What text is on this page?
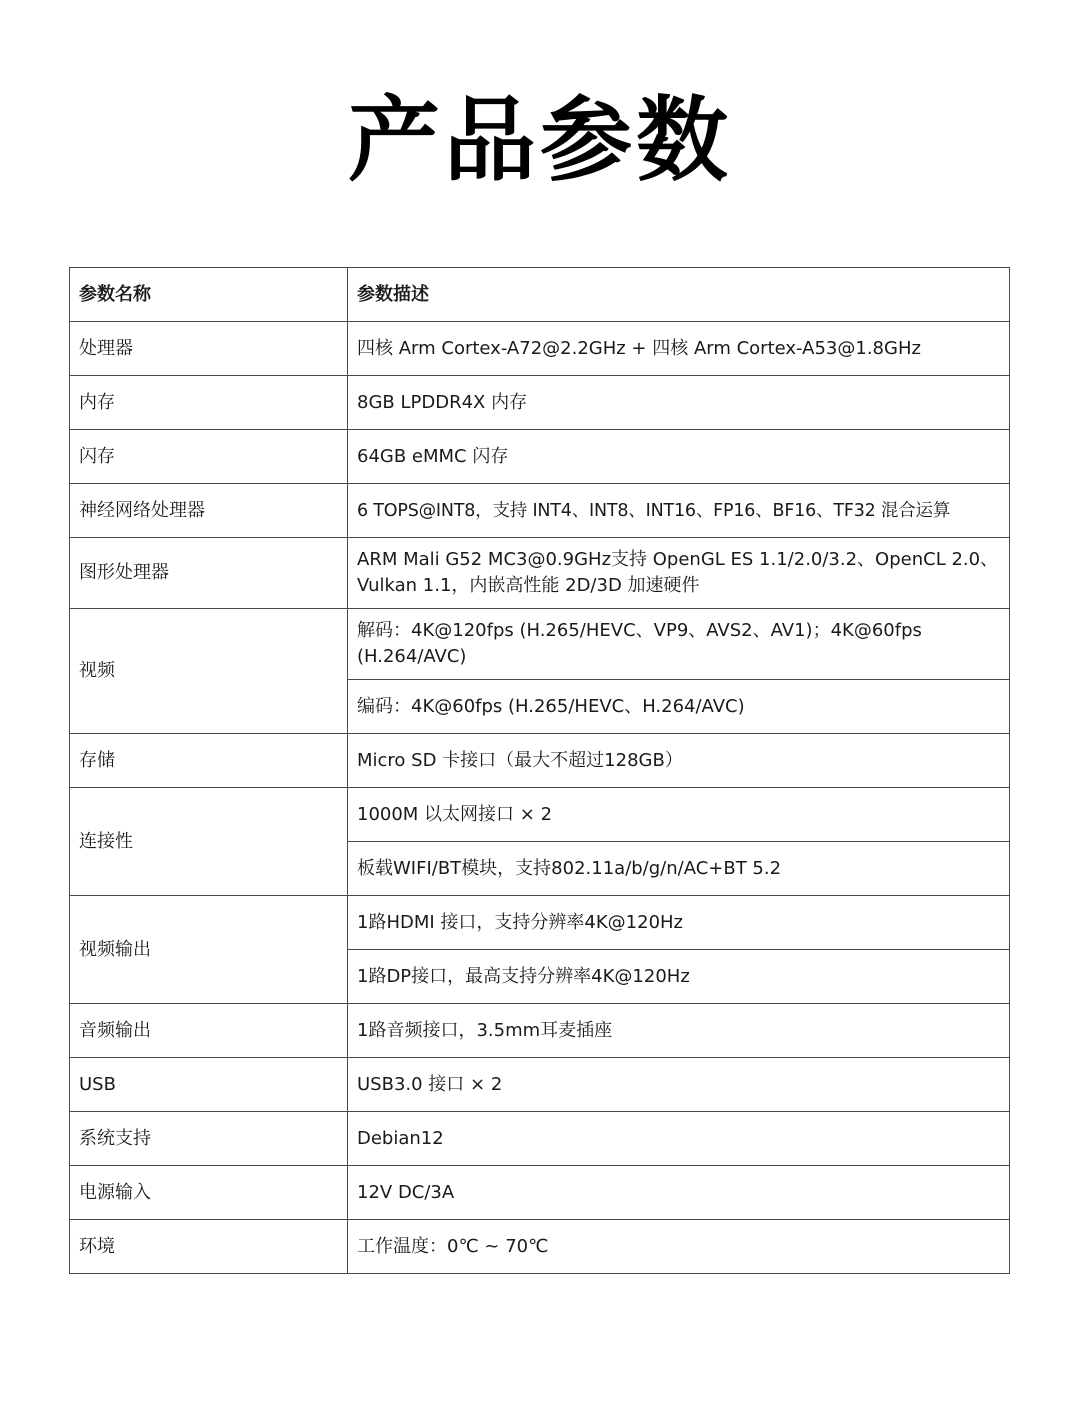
产品参数
参数名称	参数描述
处理器	四核 Arm Cortex-A72@2.2GHz + 四核 Arm Cortex-A53@1.8GHz
内存	8GB LPDDR4X 内存
闪存	64GB eMMC 闪存
神经网络处理器	6 TOPS@INT8，支持 INT4、INT8、INT16、FP16、BF16、TF32 混合运算
图形处理器	ARM Mali G52 MC3@0.9GHz支持 OpenGL ES 1.1/2.0/3.2、OpenCL 2.0、Vulkan 1.1，内嵌高性能 2D/3D 加速硬件
视频	解码：4K@120fps (H.265/HEVC、VP9、AVS2、AV1)；4K@60fps (H.264/AVC)
	编码：4K@60fps (H.265/HEVC、H.264/AVC)
存储	Micro SD 卡接口（最大不超过128GB）
连接性	1000M 以太网接口 × 2
	板载WIFI/BT模块，支持802.11a/b/g/n/AC+BT 5.2
视频输出	1路HDMI 接口，支持分辨率4K@120Hz
	1路DP接口，最高支持分辨率4K@120Hz
音频输出	1路音频接口，3.5mm耳麦插座
USB	USB3.0 接口 × 2
系统支持	Debian12
电源输入	12V DC/3A
环境	工作温度：0℃ ~ 70℃
